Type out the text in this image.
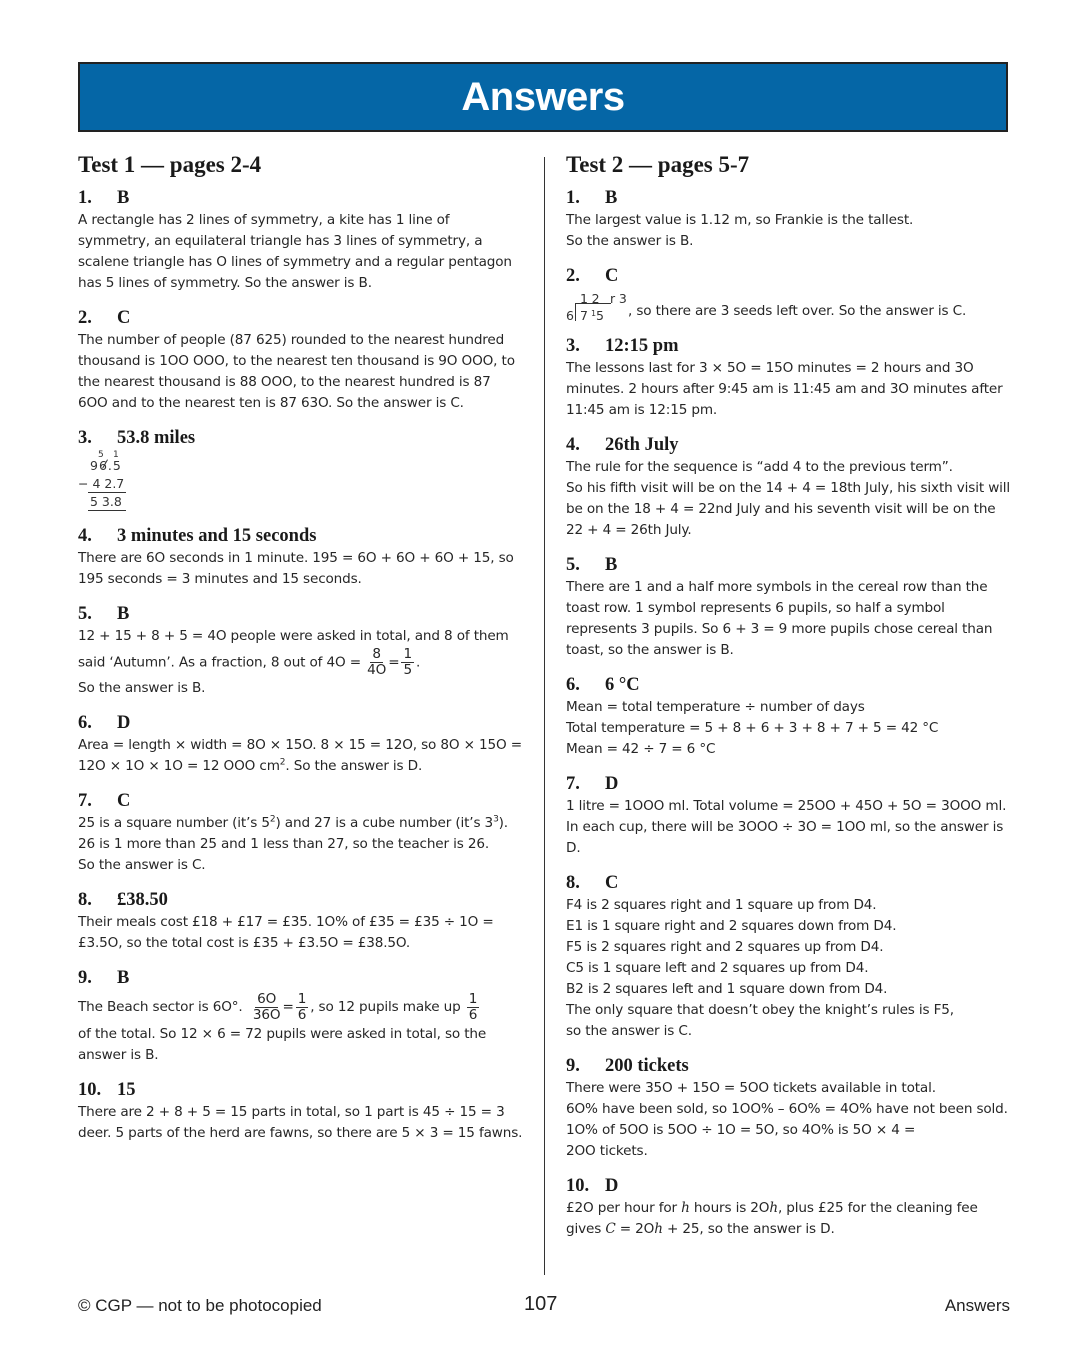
Answers
Test 1 — pages 2-4
1. B

A rectangle has 2 lines of symmetry, a kite has 1 line of symmetry, an equilateral triangle has 3 lines of symmetry, a scalene triangle has O lines of symmetry and a regular pentagon has 5 lines of symmetry. So the answer is B.

2. C

The number of people (87 625) rounded to the nearest hundred thousand is 1OO OOO, to the nearest ten thousand is 9O OOO, to the nearest thousand is 88 OOO, to the nearest hundred is 87 6OO and to the nearest ten is 87 63O. So the answer is C.

3. 53.8 miles
5 1
96.5
− 4 2.7
5 3.8
4. 3 minutes and 15 seconds

There are 6O seconds in 1 minute. 195 = 6O + 6O + 6O + 15, so 195 seconds = 3 minutes and 15 seconds.

5. B

12 + 15 + 8 + 5 = 4O people were asked in total, and 8 of them

said ‘Autumn’. As a fraction, 8 out of $4O = \frac{8}{4O} = \frac{1}{5}$ .

So the answer is B.

6. D

Area = length × width = 8O × 15O. 8 × 15 = 12O, so 8O × 15O = 12O × 1O × 1O = 12 OOO $cm^2$. So the answer is D.

7. C

25 is a square number (it’s $5^2$) and 27 is a cube number (it’s $3^3$).

26 is 1 more than 25 and 1 less than 27, so the teacher is 26.

So the answer is C.

8. £38.50

Their meals cost £18 + £17 = £35. 1O% of £35 = £35 ÷ 1O = £3.5O, so the total cost is £35 + £3.5O = £38.5O.

9. B

The Beach sector is 6O°. $\frac{6O}{36O} = \frac{1}{6}$ , so 12 pupils make up $\frac{1}{6}$

of the total. So 12 × 6 = 72 pupils were asked in total, so the answer is B.

10. 15

There are 2 + 8 + 5 = 15 parts in total, so 1 part is 45 ÷ 15 = 3 deer. 5 parts of the herd are fawns, so there are 5 × 3 = 15 fawns.

Test 2 — pages 5-7
1. B

The largest value is 1.12 m, so Frankie is the tallest.

So the answer is B.

2. C

1 2 r 3
6 7 1 5 , so there are 3 seeds left over. So the answer is C.

3. 12:15 pm

The lessons last for 3 × 5O = 15O minutes = 2 hours and 3O minutes. 2 hours after 9:45 am is 11:45 am and 3O minutes after 11:45 am is 12:15 pm.

4. 26th July

The rule for the sequence is “add 4 to the previous term”.

So his fifth visit will be on the 14 + 4 = 18th July, his sixth visit will be on the 18 + 4 = 22nd July and his seventh visit will be on the 22 + 4 = 26th July.

5. B

There are 1 and a half more symbols in the cereal row than the toast row. 1 symbol represents 6 pupils, so half a symbol represents 3 pupils. So 6 + 3 = 9 more pupils chose cereal than toast, so the answer is B.

6. 6 °C

Mean = total temperature ÷ number of days

Total temperature = 5 + 8 + 6 + 3 + 8 + 7 + 5 = 42 °C

Mean = 42 ÷ 7 = 6 °C

7. D

1 litre = 1OOO ml. Total volume = 25OO + 45O + 5O = 3OOO ml. In each cup, there will be 3OOO ÷ 3O = 1OO ml, so the answer is D.

8. C

F4 is 2 squares right and 1 square up from D4.

E1 is 1 square right and 2 squares down from D4.

F5 is 2 squares right and 2 squares up from D4.

C5 is 1 square left and 2 squares up from D4.

B2 is 2 squares left and 1 square down from D4.

The only square that doesn’t obey the knight’s rules is F5,

so the answer is C.

9. 200 tickets

There were 35O + 15O = 5OO tickets available in total.

6O% have been sold, so 1OO% – 6O% = 4O% have not been sold.

1O% of 5OO is 5OO ÷ 1O = 5O, so 4O% is 5O × 4 =

2OO tickets.

10. D

£2O per hour for h hours is 2Oh, plus £25 for the cleaning fee gives C = 2Oh + 25, so the answer is D.

© CGP — not to be photocopied	107	Answers
